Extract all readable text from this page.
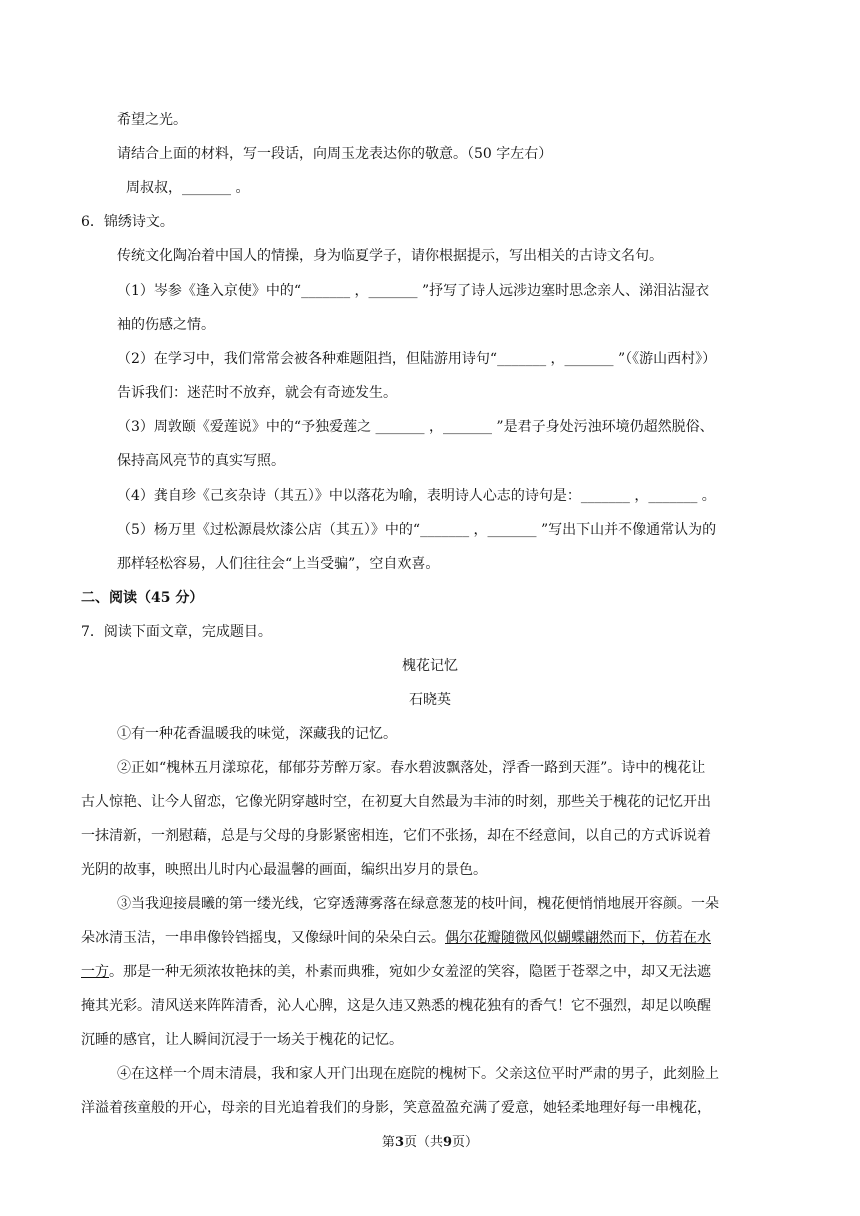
希望之光。
请结合上面的材料，写一段话，向周玉龙表达你的敬意。（50 字左右）
周叔叔，_______ 。
6．锦绣诗文。
传统文化陶冶着中国人的情操，身为临夏学子，请你根据提示，写出相关的古诗文名句。
（1）岑参《逢入京使》中的“_______ ，_______ ”抒写了诗人远涉边塞时思念亲人、涕泪沾湿衣
袖的伤感之情。
（2）在学习中，我们常常会被各种难题阻挡，但陆游用诗句“_______ ，_______ ”（《游山西村》）
告诉我们：迷茫时不放弃，就会有奇迹发生。
（3）周敦颐《爱莲说》中的“予独爱莲之 _______ ，_______ ”是君子身处污浊环境仍超然脱俗、
保持高风亮节的真实写照。
（4）龚自珍《己亥杂诗（其五）》中以落花为喻，表明诗人心志的诗句是：_______ ，_______ 。
（5）杨万里《过松源晨炊漆公店（其五）》中的“_______ ，_______ ”写出下山并不像通常认为的
那样轻松容易，人们往往会“上当受骗”，空自欢喜。
二、阅读（45 分）
7．阅读下面文章，完成题目。
槐花记忆
石晓英
①有一种花香温暖我的味觉，深藏我的记忆。
②正如“槐林五月漾琼花，郁郁芬芳醉万家。春水碧波飘落处，浮香一路到天涯”。诗中的槐花让
古人惊艳、让今人留恋，它像光阴穿越时空，在初夏大自然最为丰沛的时刻，那些关于槐花的记忆开出
一抹清新，一剂慰藉，总是与父母的身影紧密相连，它们不张扬，却在不经意间，以自己的方式诉说着
光阴的故事，映照出儿时内心最温馨的画面，编织出岁月的景色。
③当我迎接晨曦的第一缕光线，它穿透薄雾落在绿意葱茏的枝叶间，槐花便悄悄地展开容颜。一朵
朵冰清玉洁，一串串像铃铛摇曳，又像绿叶间的朵朵白云。偶尔花瓣随微风似蝴蝶翩然而下，仿若在水
一方。那是一种无须浓妆艳抹的美，朴素而典雅，宛如少女羞涩的笑容，隐匿于苍翠之中，却又无法遮
掩其光彩。清风送来阵阵清香，沁人心脾，这是久违又熟悉的槐花独有的香气！它不强烈，却足以唤醒
沉睡的感官，让人瞬间沉浸于一场关于槐花的记忆。
④在这样一个周末清晨，我和家人开门出现在庭院的槐树下。父亲这位平时严肃的男子，此刻脸上
洋溢着孩童般的开心，母亲的目光追着我们的身影，笑意盈盈充满了爱意，她轻柔地理好每一串槐花，
第3页（共9页）
